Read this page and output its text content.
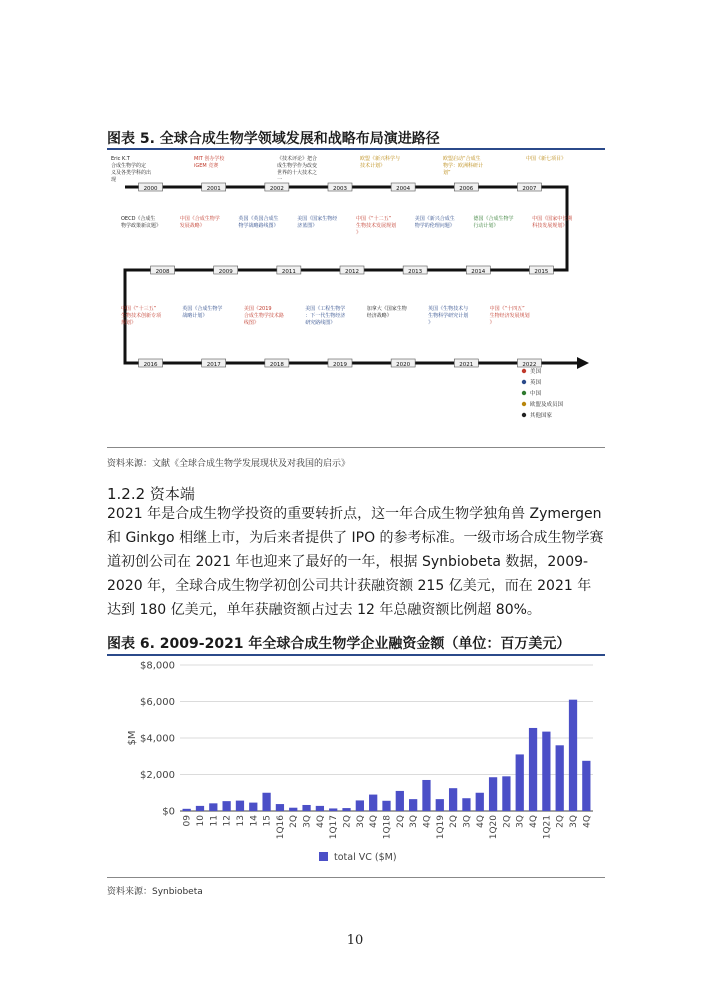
图表 5. 全球合成生物学领域发展和战略布局演进路径
2000	2001	2002	2003	2004	2006	2007
2015
2014
2013
2012
2011
2009
2008
2016	2017	2018	2019	2020	2021	2022
Eric K.T
合成生物学的定
义及各类学科的出
现
MIT 创办学校
iGEM 竞赛
《技术评论》把合
成生物学作为改变
世界的十大技术之
一
欧盟《新兴科学与
技术计划》
欧盟启动“合成生
物学：欧洲科研计
划”
中国《新七项目》
OECD《合成生
物学政策新议题》
中国《合成生物学
发展战略》
英国《英国合成生
物学战略路线图》
美国《国家生物经
济蓝图》
中国《“十二五”
生物技术发展规划
》
美国《新兴合成生
物学的伦理问题》
德国《合成生物学
行动计划》
中国《国家中长期
科技发展规划》
中国《“十三五”
生物技术创新专项
规划》
英国《合成生物学
战略计划》
美国《2019
合成生物学技术路
线图》
美国《工程生物学
：下一代生物经济
研究路线图》
加拿大《国家生物
经济战略》
英国《生物技术与
生物科学研究计划
》
中国《“十四五”
生物经济发展规划
》
美国
英国
中国
欧盟及成员国
其他国家
资料来源：文献《全球合成生物学发展现状及对我国的启示》
1.2.2 资本端
2021 年是合成生物学投资的重要转折点，这一年合成生物学独角兽 Zymergen 和 Ginkgo 相继上市，为后来者提供了 IPO 的参考标准。一级市场合成生物学赛道初创公司在 2021 年也迎来了最好的一年，根据 Synbiobeta 数据，2009-2020 年，全球合成生物学初创公司共计获融资额 215 亿美元，而在 2021 年达到 180 亿美元，单年获融资额占过去 12 年总融资额比例超 80%。
图表 6. 2009-2021 年全球合成生物学企业融资金额（单位：百万美元）
$0
$2,000
$4,000
$6,000
$8,000
$M
09 10 11 12 13 14 15 1Q16 2Q 3Q 4Q 1Q17 2Q 3Q 4Q 1Q18 2Q 3Q 4Q 1Q19 2Q 3Q 4Q 1Q20 2Q 3Q 4Q 1Q21 2Q 3Q 4Q
total VC ($M)
资料来源：Synbiobeta
10
